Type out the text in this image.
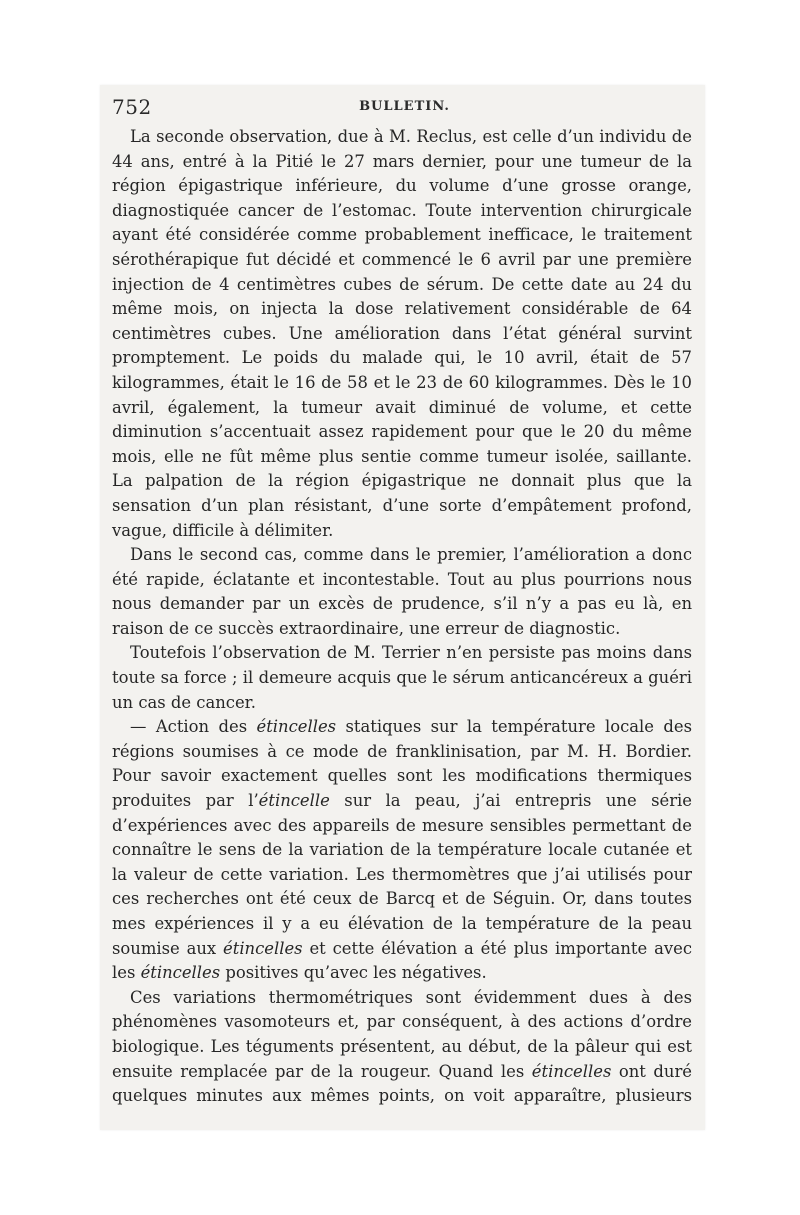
752	BULLETIN.

La seconde observation, due à M. Reclus, est celle d’un individu de 44 ans, entré à la Pitié le 27 mars dernier, pour une tumeur de la région épigastrique inférieure, du volume d’une grosse orange, diagnostiquée cancer de l’estomac. Toute intervention chirurgicale ayant été considérée comme probablement inefficace, le traitement sérothérapique fut décidé et commencé le 6 avril par une première injection de 4 centimètres cubes de sérum. De cette date au 24 du même mois, on injecta la dose relativement considérable de 64 centimètres cubes. Une amélioration dans l’état général survint promptement. Le poids du malade qui, le 10 avril, était de 57 kilogrammes, était le 16 de 58 et le 23 de 60 kilogrammes. Dès le 10 avril, également, la tumeur avait diminué de volume, et cette diminution s’accentuait assez rapidement pour que le 20 du même mois, elle ne fût même plus sentie comme tumeur isolée, saillante. La palpation de la région épigastrique ne donnait plus que la sensation d’un plan résistant, d’une sorte d’empâtement profond, vague, difficile à délimiter.

Dans le second cas, comme dans le premier, l’amélioration a donc été rapide, éclatante et incontestable. Tout au plus pourrions nous nous demander par un excès de prudence, s’il n’y a pas eu là, en raison de ce succès extraordinaire, une erreur de diagnostic.

Toutefois l’observation de M. Terrier n’en persiste pas moins dans toute sa force ; il demeure acquis que le sérum anticancéreux a guéri un cas de cancer.

— Action des étincelles statiques sur la température locale des régions soumises à ce mode de franklinisation, par M. H. Bordier. Pour savoir exactement quelles sont les modifications thermiques produites par l’étincelle sur la peau, j’ai entrepris une série d’expériences avec des appareils de mesure sensibles permettant de connaître le sens de la variation de la température locale cutanée et la valeur de cette variation. Les thermomètres que j’ai utilisés pour ces recherches ont été ceux de Barcq et de Séguin. Or, dans toutes mes expériences il y a eu élévation de la température de la peau soumise aux étincelles et cette élévation a été plus importante avec les étincelles positives qu’avec les négatives.

Ces variations thermométriques sont évidemment dues à des phénomènes vasomoteurs et, par conséquent, à des actions d’ordre biologique. Les téguments présentent, au début, de la pâleur qui est ensuite remplacée par de la rougeur. Quand les étincelles ont duré quelques minutes aux mêmes points, on voit apparaître, plusieurs
